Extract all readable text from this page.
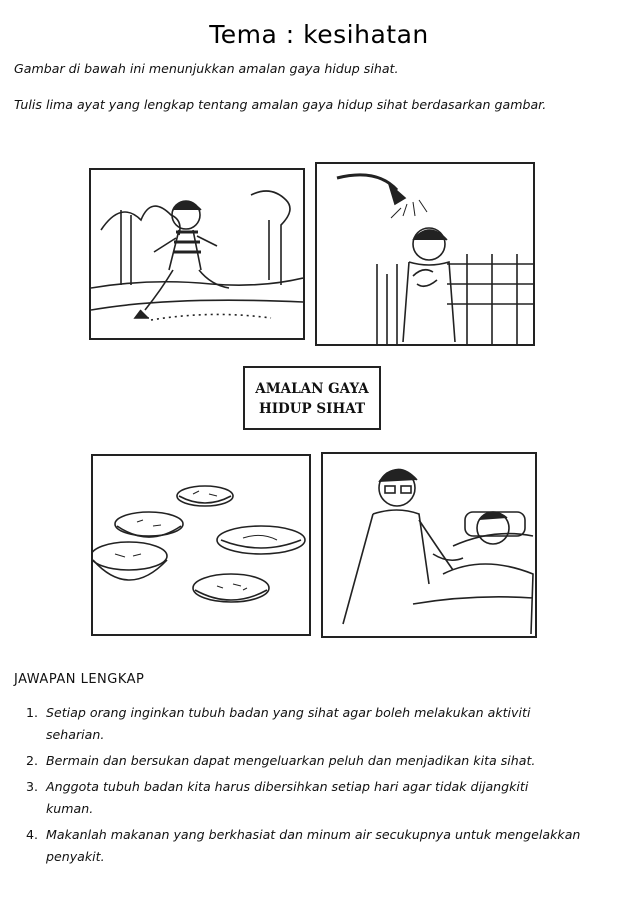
Tema : kesihatan
Gambar di bawah ini menunjukkan amalan gaya hidup sihat.
Tulis lima ayat yang lengkap tentang amalan gaya hidup sihat berdasarkan gambar.
AMALAN GAYA
HIDUP SIHAT
JAWAPAN LENGKAP
1. Setiap orang inginkan tubuh badan yang sihat agar boleh melakukan aktiviti
seharian.
2. Bermain dan bersukan dapat mengeluarkan peluh dan menjadikan kita sihat.
3. Anggota tubuh badan kita harus dibersihkan setiap hari agar tidak dijangkiti
kuman.
4. Makanlah makanan yang berkhasiat dan minum air secukupnya untuk mengelakkan
penyakit.
